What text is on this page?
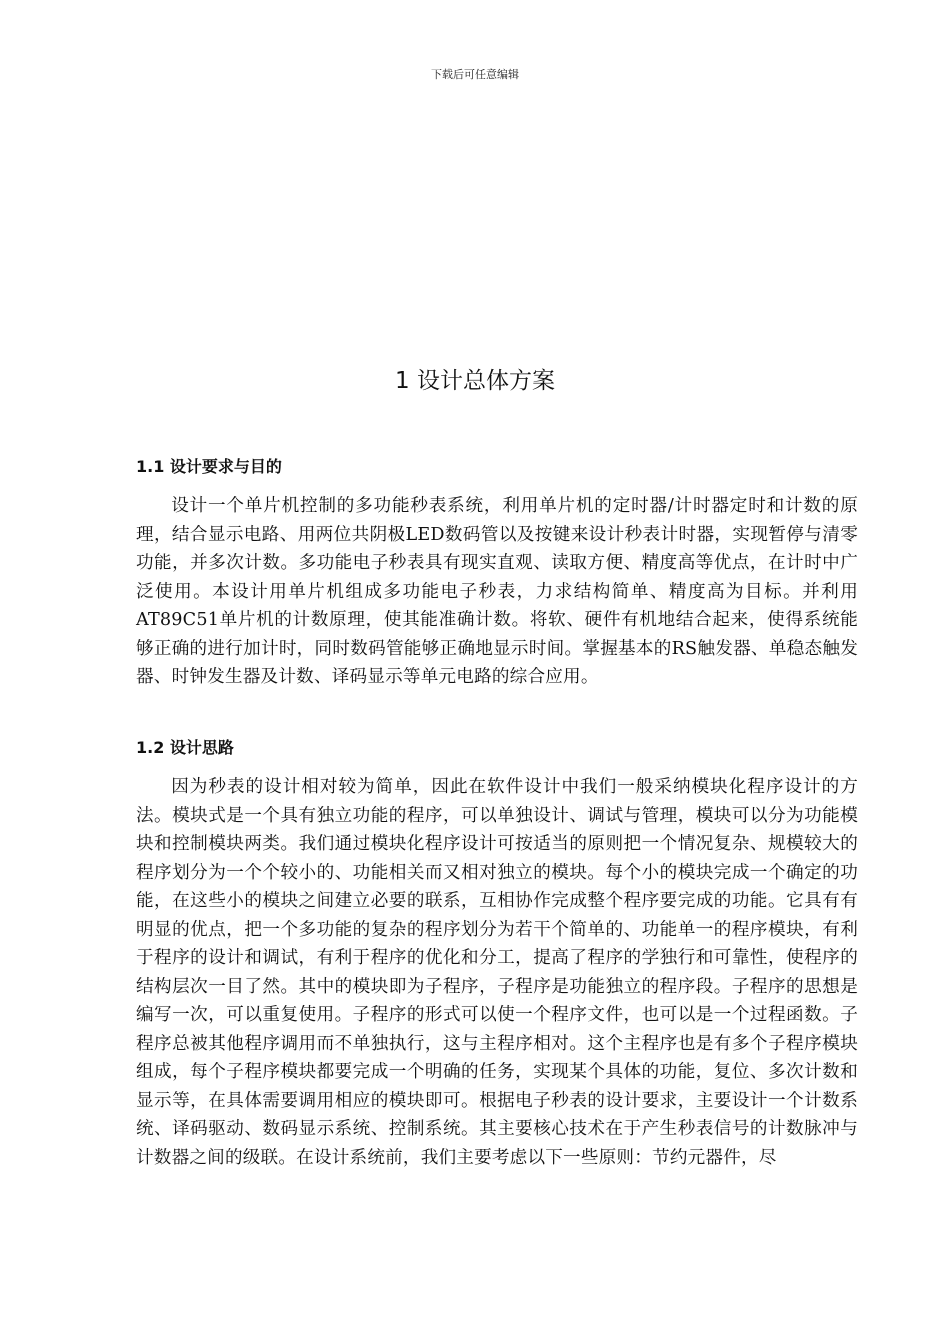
下载后可任意编辑
1 设计总体方案
1.1 设计要求与目的

设计一个单片机控制的多功能秒表系统，利用单片机的定时器/计时器定时和计数的原理，结合显示电路、用两位共阴极LED数码管以及按键来设计秒表计时器，实现暂停与清零功能，并多次计数。多功能电子秒表具有现实直观、读取方便、精度高等优点，在计时中广泛使用。本设计用单片机组成多功能电子秒表，力求结构简单、精度高为目标。并利用AT89C51单片机的计数原理，使其能准确计数。将软、硬件有机地结合起来，使得系统能够正确的进行加计时，同时数码管能够正确地显示时间。掌握基本的RS触发器、单稳态触发器、时钟发生器及计数、译码显示等单元电路的综合应用。

1.2 设计思路

因为秒表的设计相对较为简单，因此在软件设计中我们一般采纳模块化程序设计的方法。模块式是一个具有独立功能的程序，可以单独设计、调试与管理，模块可以分为功能模块和控制模块两类。我们通过模块化程序设计可按适当的原则把一个情况复杂、规模较大的程序划分为一个个较小的、功能相关而又相对独立的模块。每个小的模块完成一个确定的功能，在这些小的模块之间建立必要的联系，互相协作完成整个程序要完成的功能。它具有有明显的优点，把一个多功能的复杂的程序划分为若干个简单的、功能单一的程序模块，有利于程序的设计和调试，有利于程序的优化和分工，提高了程序的学独行和可靠性，使程序的结构层次一目了然。其中的模块即为子程序，子程序是功能独立的程序段。子程序的思想是编写一次，可以重复使用。子程序的形式可以使一个程序文件，也可以是一个过程函数。子程序总被其他程序调用而不单独执行，这与主程序相对。这个主程序也是有多个子程序模块组成，每个子程序模块都要完成一个明确的任务，实现某个具体的功能，复位、多次计数和显示等，在具体需要调用相应的模块即可。根据电子秒表的设计要求，主要设计一个计数系统、译码驱动、数码显示系统、控制系统。其主要核心技术在于产生秒表信号的计数脉冲与计数器之间的级联。在设计系统前，我们主要考虑以下一些原则：节约元器件，尽
